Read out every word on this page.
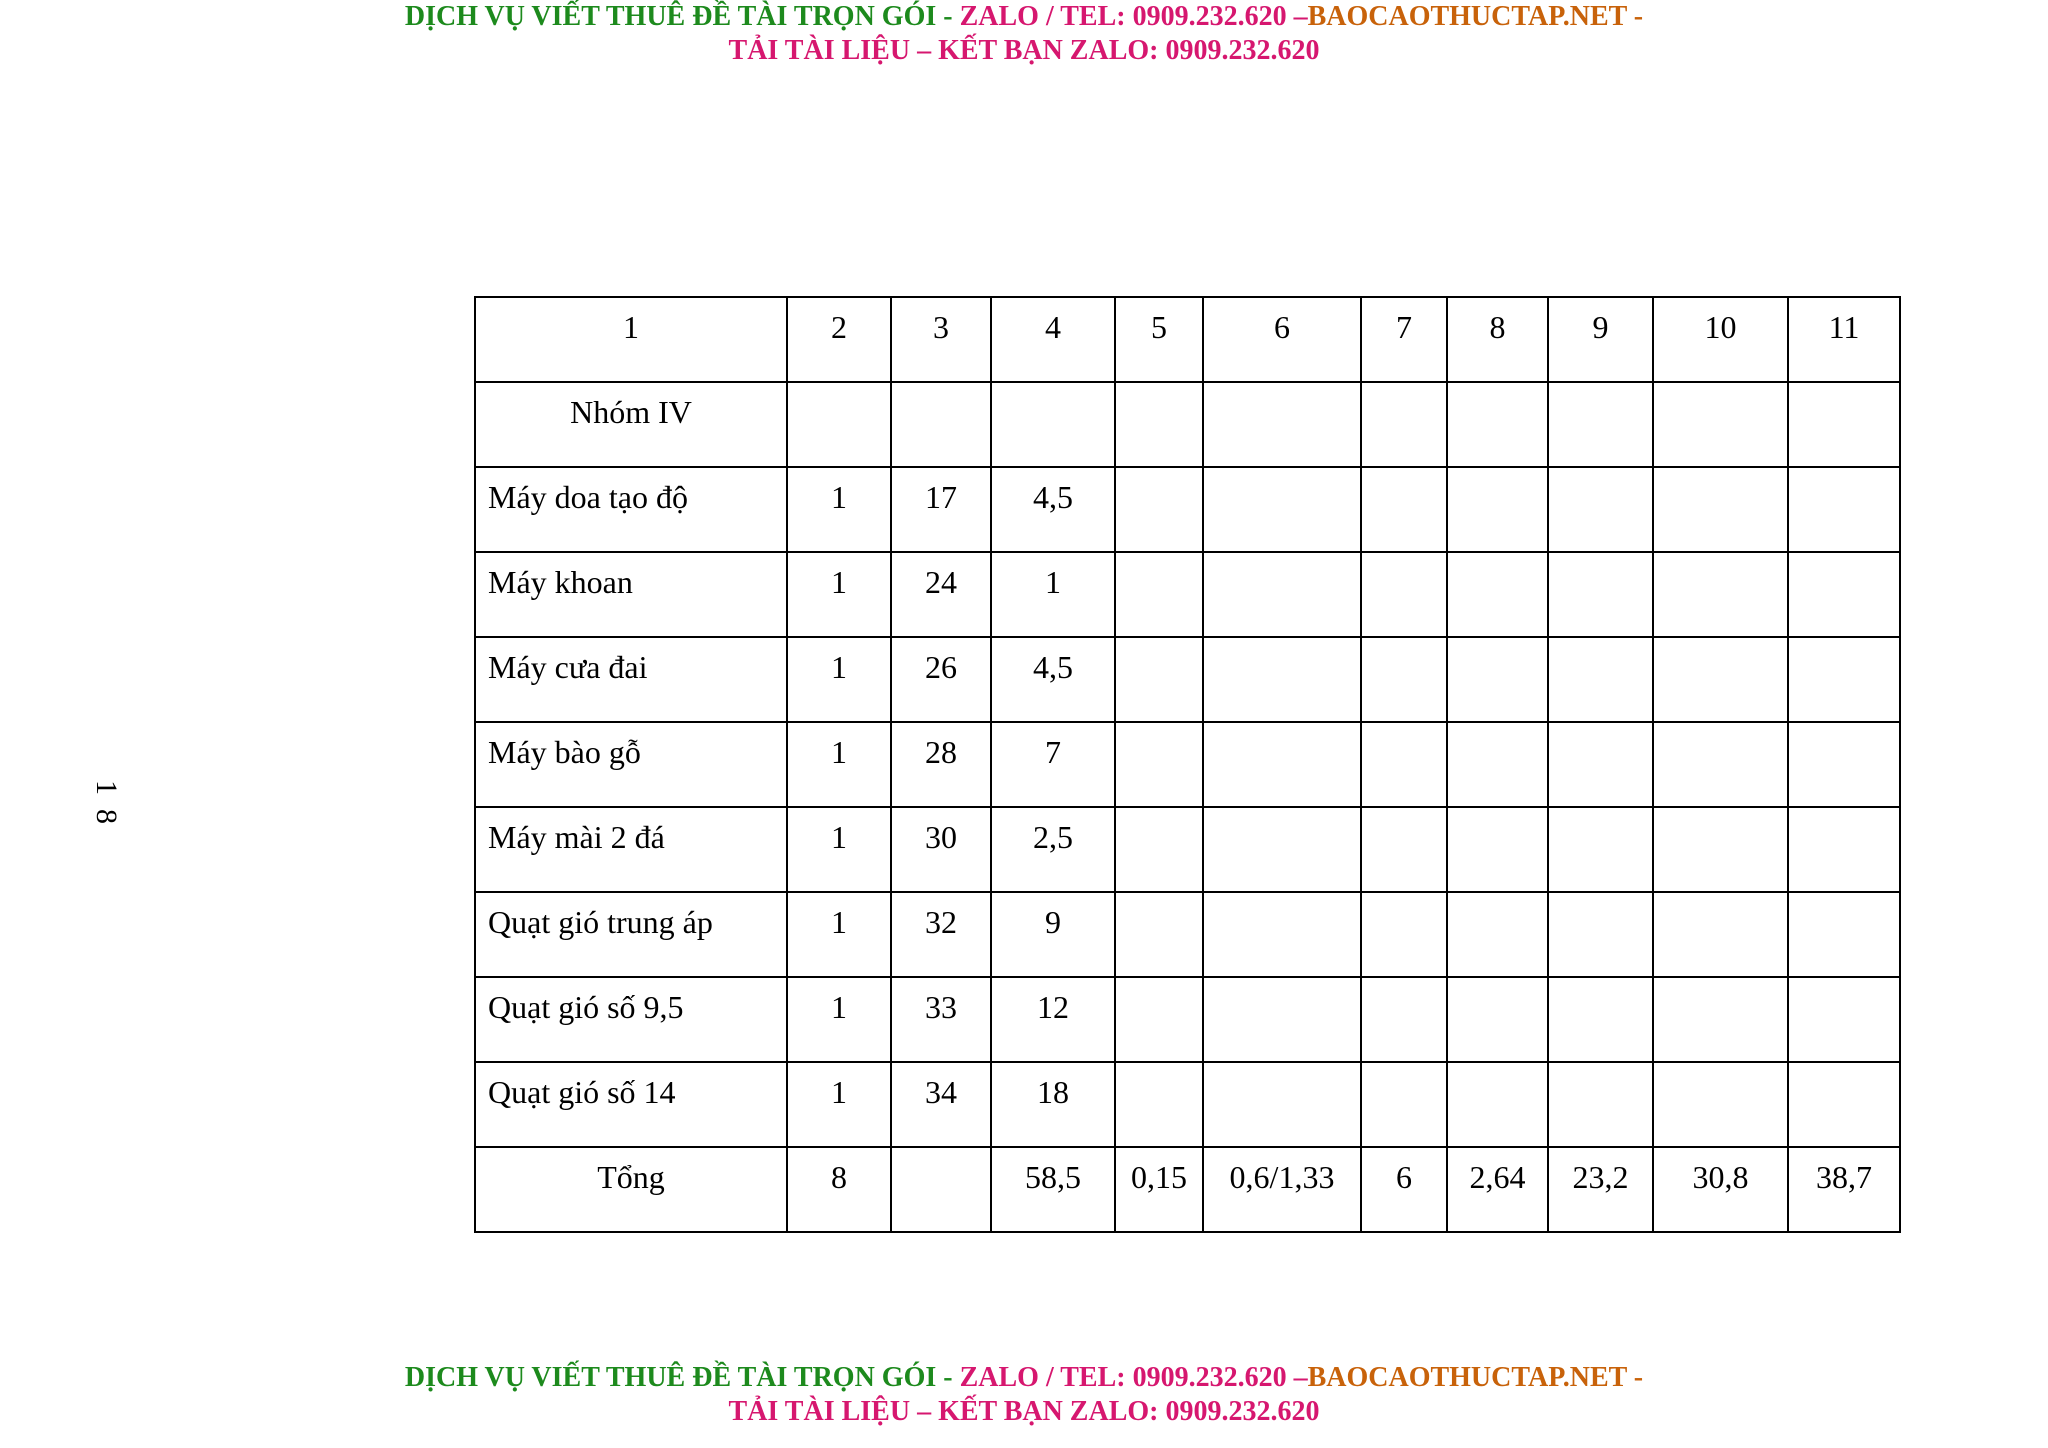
DỊCH VỤ VIẾT THUÊ ĐỀ TÀI TRỌN GÓI - ZALO / TEL: 0909.232.620 –BAOCAOTHUCTAP.NET -
TẢI TÀI LIỆU – KẾT BẠN ZALO: 0909.232.620
18
1	2	3	4	5	6	7	8	9	10	11
Nhóm IV										
Máy doa tạo độ	1	17	4,5							
Máy khoan	1	24	1							
Máy cưa đai	1	26	4,5							
Máy bào gỗ	1	28	7							
Máy mài 2 đá	1	30	2,5							
Quạt gió trung áp	1	32	9							
Quạt gió số 9,5	1	33	12							
Quạt gió số 14	1	34	18							
Tổng	8		58,5	0,15	0,6/1,33	6	2,64	23,2	30,8	38,7
DỊCH VỤ VIẾT THUÊ ĐỀ TÀI TRỌN GÓI - ZALO / TEL: 0909.232.620 –BAOCAOTHUCTAP.NET -
TẢI TÀI LIỆU – KẾT BẠN ZALO: 0909.232.620
